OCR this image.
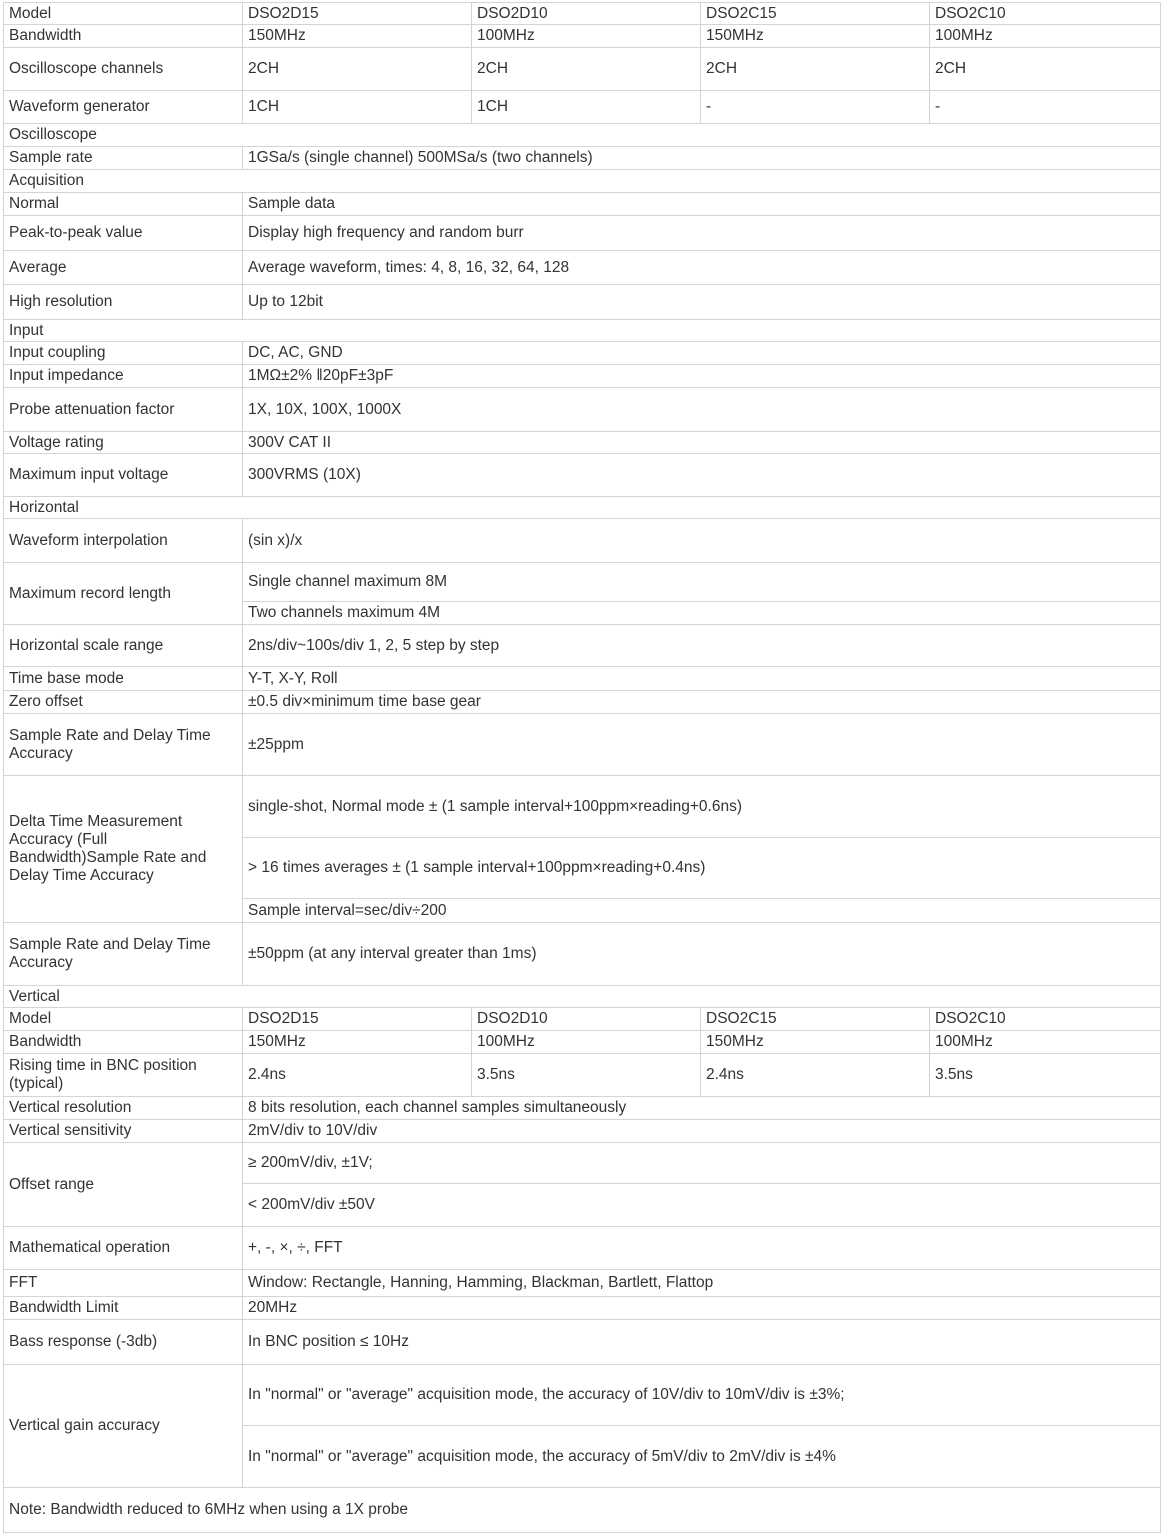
Model	DSO2D15	DSO2D10	DSO2C15	DSO2C10
Bandwidth	150MHz	100MHz	150MHz	100MHz
Oscilloscope channels	2CH	2CH	2CH	2CH
Waveform generator	1CH	1CH	-	-
Oscilloscope				
Sample rate	1GSa/s (single channel) 500MSa/s (two channels)			
Acquisition				
Normal	Sample data			
Peak-to-peak value	Display high frequency and random burr			
Average	Average waveform, times: 4, 8, 16, 32, 64, 128			
High resolution	Up to 12bit			
Input				
Input coupling	DC, AC, GND			
Input impedance	1MΩ±2% ǁ20pF±3pF			
Probe attenuation factor	1X, 10X, 100X, 1000X			
Voltage rating	300V CAT II			
Maximum input voltage	300VRMS (10X)			
Horizontal				
Waveform interpolation	(sin x)/x			
Maximum record length	Single channel maximum 8M			
	Two channels maximum 4M			
Horizontal scale range	2ns/div~100s/div 1, 2, 5 step by step			
Time base mode	Y-T, X-Y, Roll			
Zero offset	±0.5 div×minimum time base gear			
Sample Rate and Delay Time Accuracy	±25ppm			
Delta Time Measurement Accuracy (Full Bandwidth)Sample Rate and Delay Time Accuracy	single-shot, Normal mode ± (1 sample interval+100ppm×reading+0.6ns)			
	> 16 times averages ± (1 sample interval+100ppm×reading+0.4ns)			
	Sample interval=sec/div÷200			
Sample Rate and Delay Time Accuracy	±50ppm (at any interval greater than 1ms)			
Vertical				
Model	DSO2D15	DSO2D10	DSO2C15	DSO2C10
Bandwidth	150MHz	100MHz	150MHz	100MHz
Rising time in BNC position (typical)	2.4ns	3.5ns	2.4ns	3.5ns
Vertical resolution	8 bits resolution, each channel samples simultaneously			
Vertical sensitivity	2mV/div to 10V/div			
Offset range	≥ 200mV/div, ±1V;			
	< 200mV/div ±50V			
Mathematical operation	+, -, ×, ÷, FFT			
FFT	Window: Rectangle, Hanning, Hamming, Blackman, Bartlett, Flattop			
Bandwidth Limit	20MHz			
Bass response (-3db)	In BNC position ≤ 10Hz			
Vertical gain accuracy	In "normal" or "average" acquisition mode, the accuracy of 10V/div to 10mV/div is ±3%;			
	In "normal" or "average" acquisition mode, the accuracy of 5mV/div to 2mV/div is ±4%			
Note: Bandwidth reduced to 6MHz when using a 1X probe				
